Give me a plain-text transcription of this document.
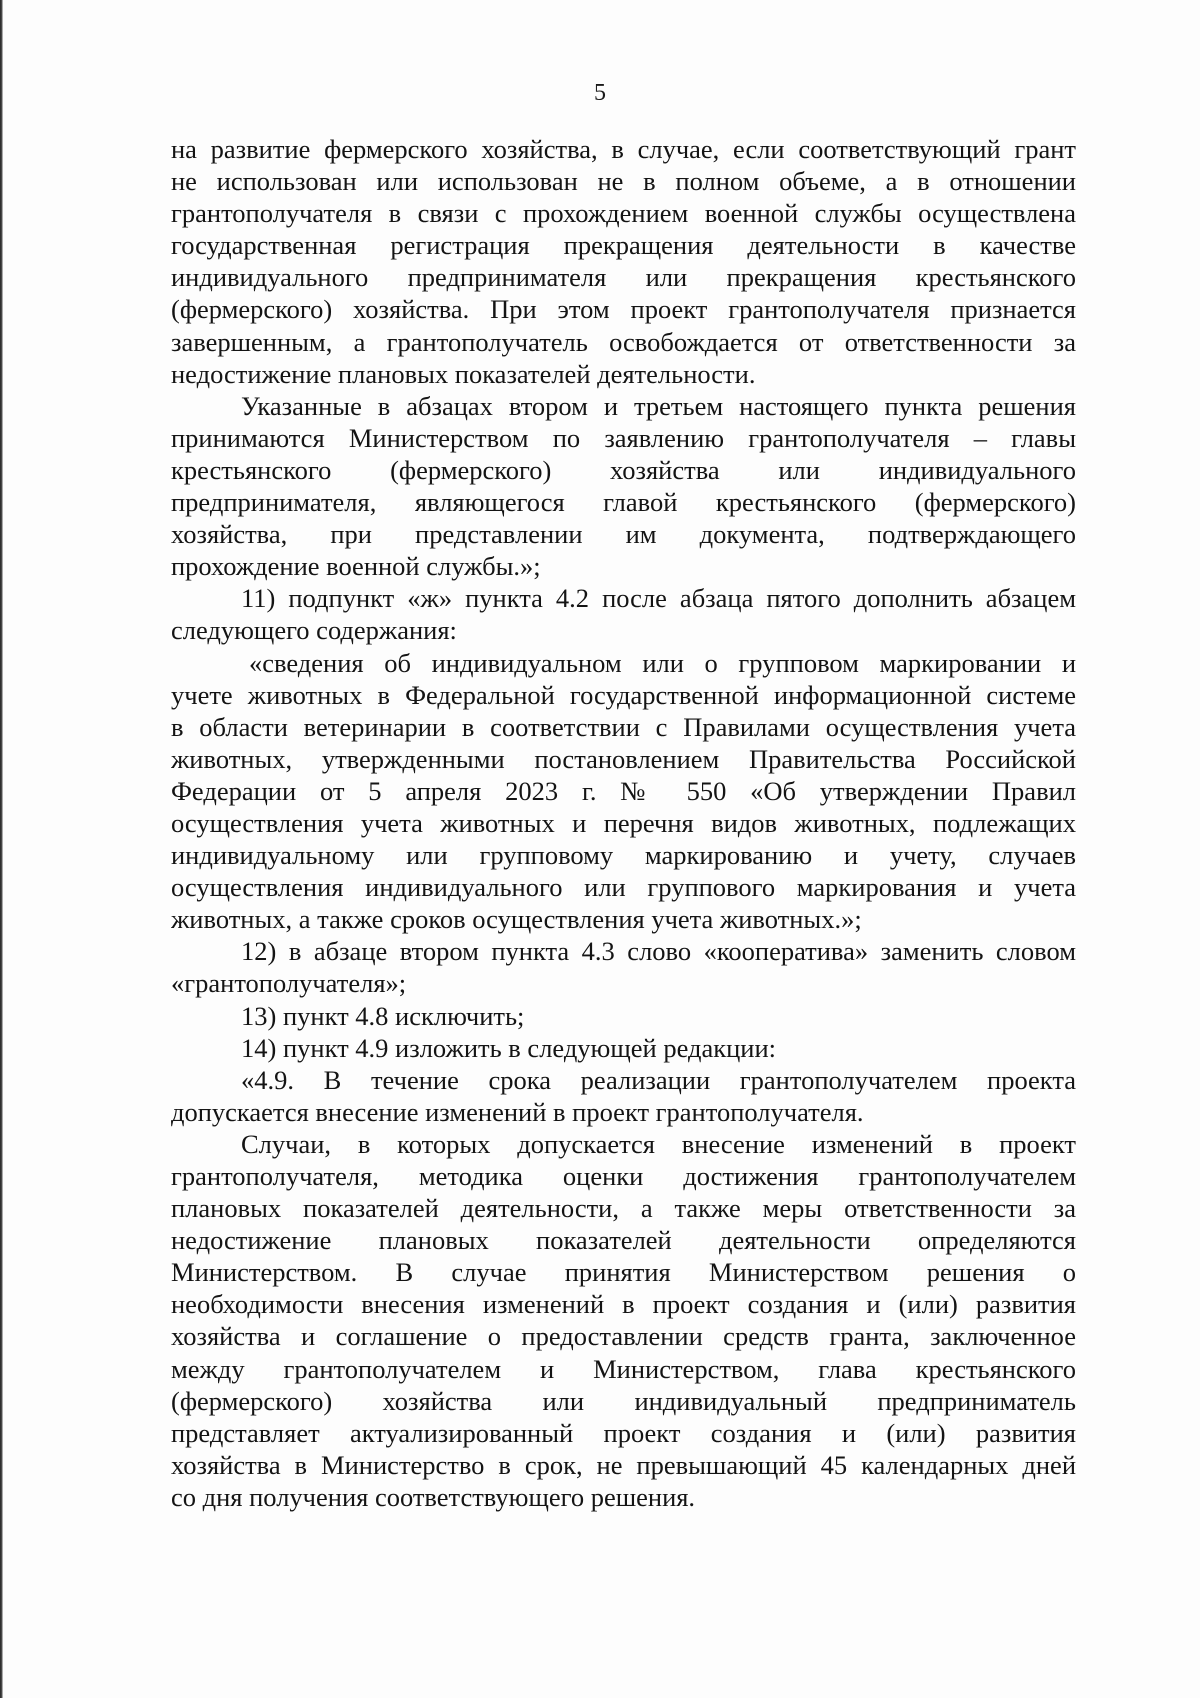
5
на развитие фермерского хозяйства, в случае, если соответствующий грант
не использован или использован не в полном объеме, а в отношении
грантополучателя в связи с прохождением военной службы осуществлена
государственная регистрация прекращения деятельности в качестве
индивидуального предпринимателя или прекращения крестьянского
(фермерского) хозяйства. При этом проект грантополучателя признается
завершенным, а грантополучатель освобождается от ответственности за
недостижение плановых показателей деятельности.
Указанные в абзацах втором и третьем настоящего пункта решения
принимаются Министерством по заявлению грантополучателя – главы
крестьянского (фермерского) хозяйства или индивидуального
предпринимателя, являющегося главой крестьянского (фермерского)
хозяйства, при представлении им документа, подтверждающего
прохождение военной службы.»;
11) подпункт «ж» пункта 4.2 после абзаца пятого дополнить абзацем
следующего содержания:
«сведения об индивидуальном или о групповом маркировании и
учете животных в Федеральной государственной информационной системе
в области ветеринарии в соответствии с Правилами осуществления учета
животных, утвержденными постановлением Правительства Российской
Федерации от 5 апреля 2023 г. № 550 «Об утверждении Правил
осуществления учета животных и перечня видов животных, подлежащих
индивидуальному или групповому маркированию и учету, случаев
осуществления индивидуального или группового маркирования и учета
животных, а также сроков осуществления учета животных.»;
12) в абзаце втором пункта 4.3 слово «кооператива» заменить словом
«грантополучателя»;
13) пункт 4.8 исключить;
14) пункт 4.9 изложить в следующей редакции:
«4.9. В течение срока реализации грантополучателем проекта
допускается внесение изменений в проект грантополучателя.
Случаи, в которых допускается внесение изменений в проект
грантополучателя, методика оценки достижения грантополучателем
плановых показателей деятельности, а также меры ответственности за
недостижение плановых показателей деятельности определяются
Министерством. В случае принятия Министерством решения о
необходимости внесения изменений в проект создания и (или) развития
хозяйства и соглашение о предоставлении средств гранта, заключенное
между грантополучателем и Министерством, глава крестьянского
(фермерского) хозяйства или индивидуальный предприниматель
представляет актуализированный проект создания и (или) развития
хозяйства в Министерство в срок, не превышающий 45 календарных дней
со дня получения соответствующего решения.
